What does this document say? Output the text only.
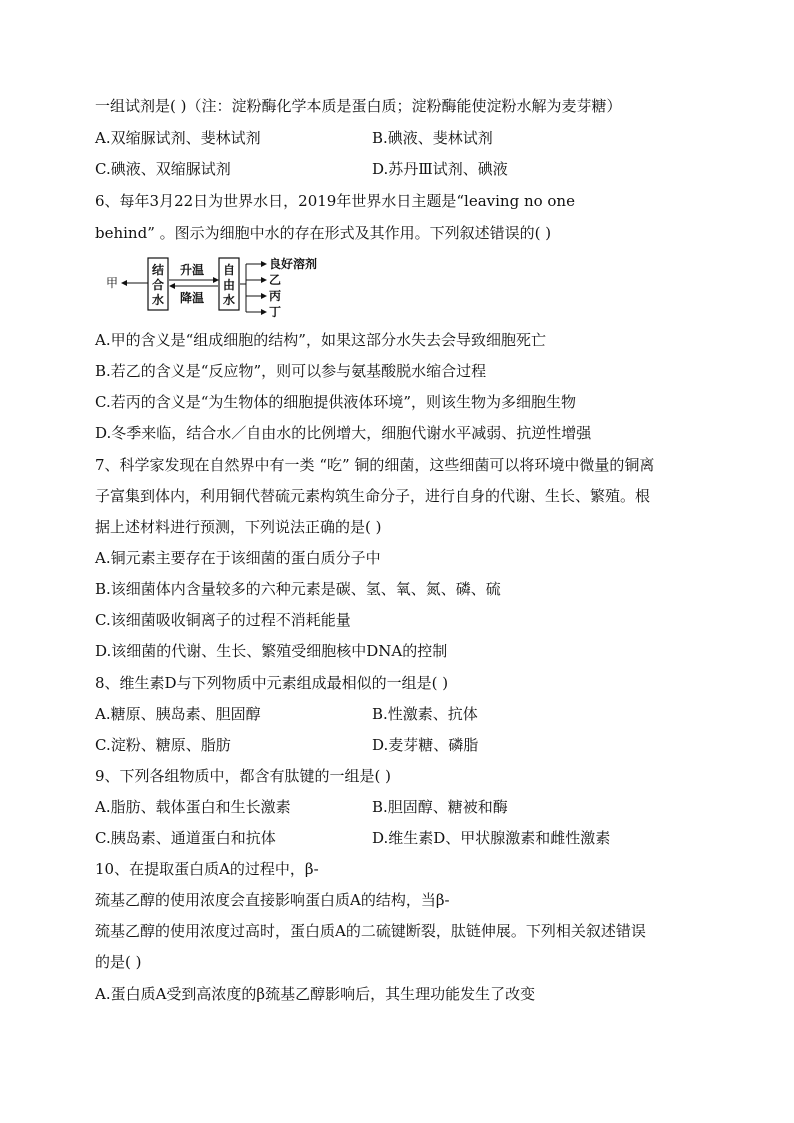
一组试剂是( )（注：淀粉酶化学本质是蛋白质；淀粉酶能使淀粉水解为麦芽糖）
A.双缩脲试剂、斐林试剂	B.碘液、斐林试剂
C.碘液、双缩脲试剂	D.苏丹Ⅲ试剂、碘液
6、每年3月22日为世界水日，2019年世界水日主题是“leaving no one
behind” 。图示为细胞中水的存在形式及其作用。下列叙述错误的( )
甲
结
合
水
升温
降温
自
由
水
良好溶剂
乙
丙
丁
A.甲的含义是“组成细胞的结构”，如果这部分水失去会导致细胞死亡
B.若乙的含义是“反应物”，则可以参与氨基酸脱水缩合过程
C.若丙的含义是“为生物体的细胞提供液体环境”，则该生物为多细胞生物
D.冬季来临，结合水／自由水的比例增大，细胞代谢水平减弱、抗逆性增强
7、科学家发现在自然界中有一类 “吃” 铜的细菌，这些细菌可以将环境中微量的铜离
子富集到体内，利用铜代替硫元素构筑生命分子，进行自身的代谢、生长、繁殖。根
据上述材料进行预测，下列说法正确的是( )
A.铜元素主要存在于该细菌的蛋白质分子中
B.该细菌体内含量较多的六种元素是碳、氢、氧、氮、磷、硫
C.该细菌吸收铜离子的过程不消耗能量
D.该细菌的代谢、生长、繁殖受细胞核中DNA的控制
8、维生素D与下列物质中元素组成最相似的一组是( )
A.糖原、胰岛素、胆固醇	B.性激素、抗体
C.淀粉、糖原、脂肪	D.麦芽糖、磷脂
9、下列各组物质中，都含有肽键的一组是( )
A.脂肪、载体蛋白和生长激素	B.胆固醇、糖被和酶
C.胰岛素、通道蛋白和抗体	D.维生素D、甲状腺激素和雌性激素
10、在提取蛋白质A的过程中，β-
巯基乙醇的使用浓度会直接影响蛋白质A的结构，当β-
巯基乙醇的使用浓度过高时，蛋白质A的二硫键断裂，肽链伸展。下列相关叙述错误
的是( )
A.蛋白质A受到高浓度的β巯基乙醇影响后，其生理功能发生了改变
